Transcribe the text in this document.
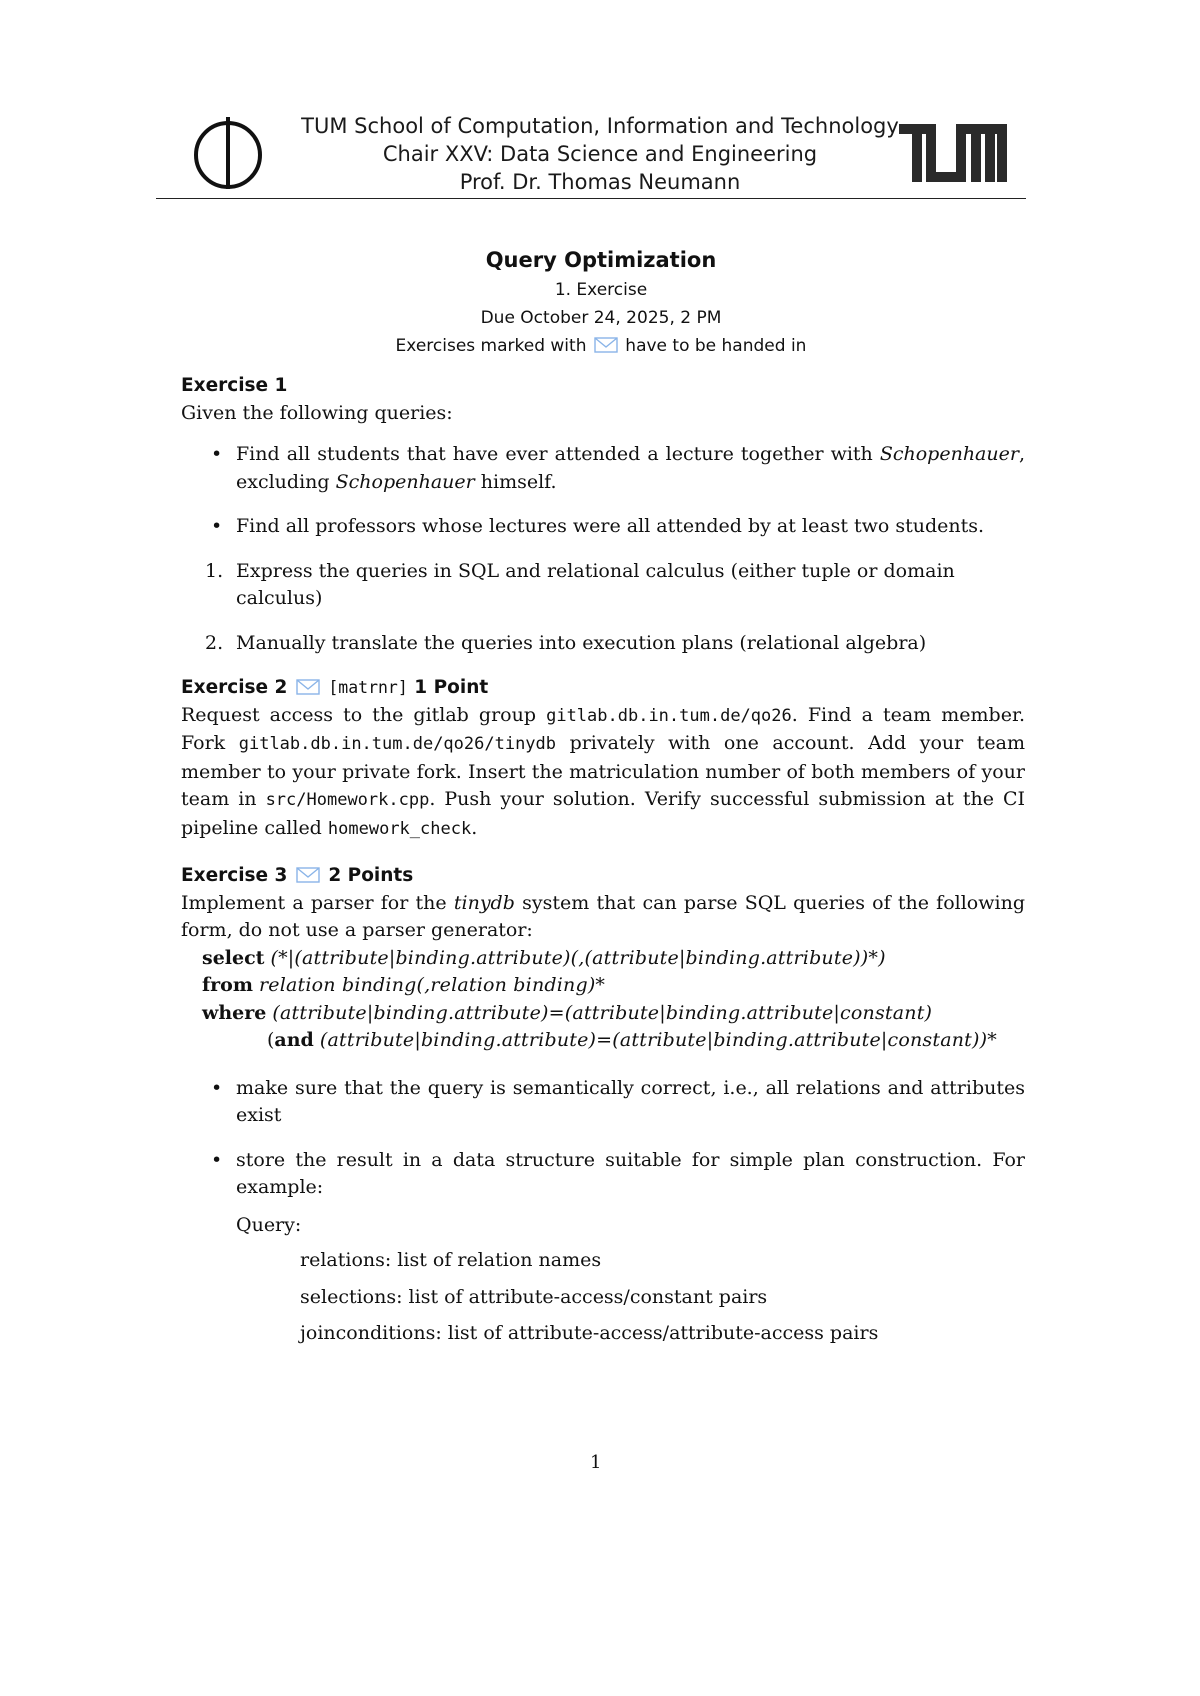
TUM School of Computation, Information and Technology
Chair XXV: Data Science and Engineering
Prof. Dr. Thomas Neumann
Query Optimization
1. Exercise
Due October 24, 2025, 2 PM
Exercises marked with have to be handed in
Exercise 1

Given the following queries:

• Find all students that have ever attended a lecture together with Schopenhauer, excluding Schopenhauer himself.
• Find all professors whose lectures were all attended by at least two students.
1. Express the queries in SQL and relational calculus (either tuple or domain calculus)
2. Manually translate the queries into execution plans (relational algebra)
Exercise 2 [matrnr] 1 Point

Request access to the gitlab group gitlab.db.in.tum.de/qo26. Find a team member. Fork gitlab.db.in.tum.de/qo26/tinydb privately with one account. Add your team member to your private fork. Insert the matriculation number of both members of your team in src/Homework.cpp. Push your solution. Verify successful submission at the CI pipeline called homework_check.

Exercise 3 2 Points

Implement a parser for the tinydb system that can parse SQL queries of the following form, do not use a parser generator:

select (*|(attribute|binding.attribute)(,(attribute|binding.attribute))*)
from relation binding(,relation binding)*
where (attribute|binding.attribute)=(attribute|binding.attribute|constant)
(and (attribute|binding.attribute)=(attribute|binding.attribute|constant))*
• make sure that the query is semantically correct, i.e., all relations and attributes exist
• store the result in a data structure suitable for simple plan construction. For example:
Query:
relations: list of relation names
selections: list of attribute-access/constant pairs
joinconditions: list of attribute-access/attribute-access pairs
1
